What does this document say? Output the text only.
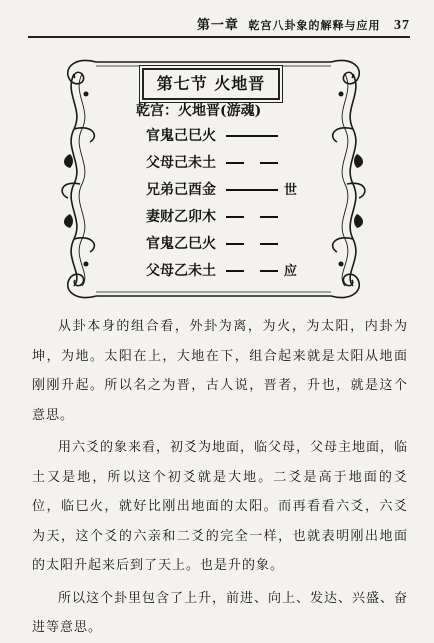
第一章 乾宫八卦象的解释与应用 37
第七节 火地晋
乾宫：火地晋(游魂)
官鬼己巳火
父母己未土
兄弟己酉金	世
妻财乙卯木
官鬼乙巳火
父母乙未土	应

从卦本身的组合看，外卦为离，为火，为太阳，内卦为坤，为地。太阳在上，大地在下，组合起来就是太阳从地面刚刚升起。所以名之为晋，古人说，晋者，升也，就是这个意思。

用六爻的象来看，初爻为地面，临父母，父母主地面，临土又是地，所以这个初爻就是大地。二爻是高于地面的爻位，临巳火，就好比刚出地面的太阳。而再看看六爻，六爻为天，这个爻的六亲和二爻的完全一样，也就表明刚出地面的太阳升起来后到了天上。也是升的象。

所以这个卦里包含了上升，前进、向上、发达、兴盛、奋进等意思。
